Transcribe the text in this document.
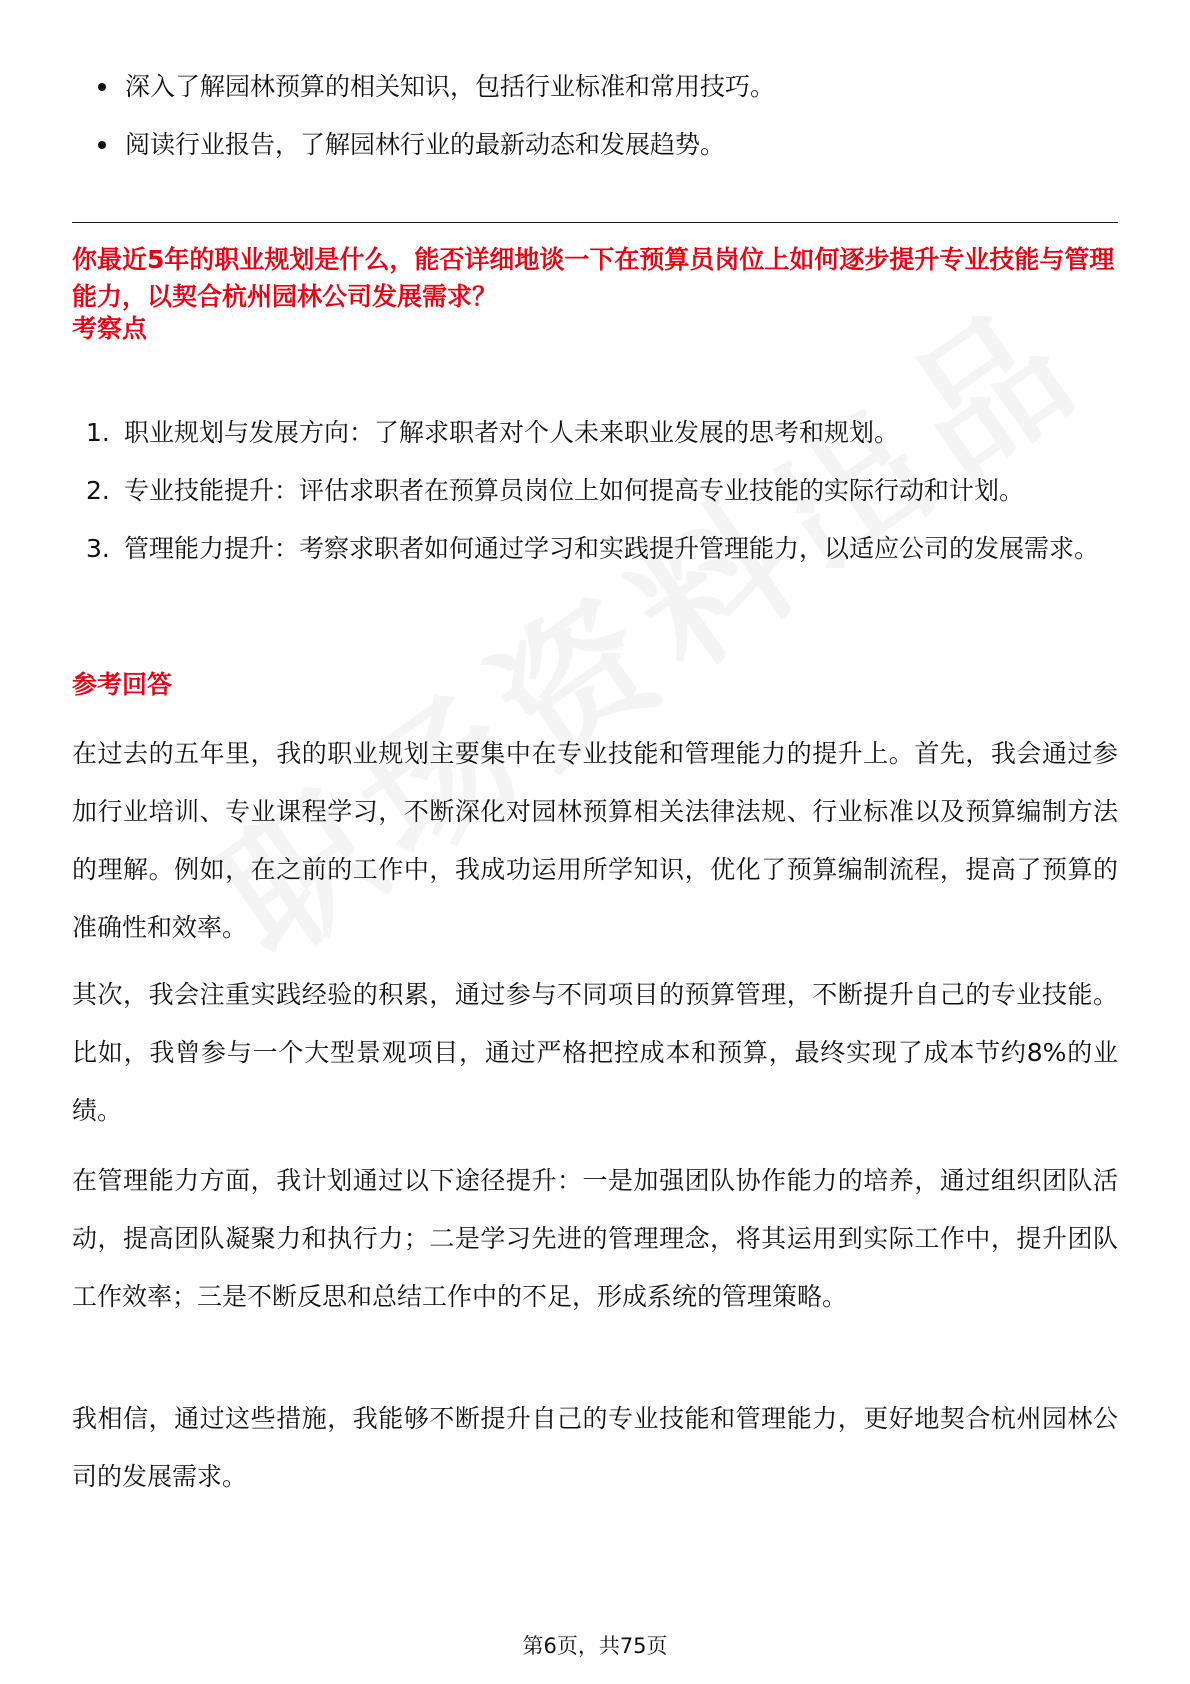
深入了解园林预算的相关知识，包括行业标准和常用技巧。
阅读行业报告，了解园林行业的最新动态和发展趋势。

你最近5年的职业规划是什么，能否详细地谈一下在预算员岗位上如何逐步提升专业技能与管理能力，以契合杭州园林公司发展需求？

考察点

1. 职业规划与发展方向：了解求职者对个人未来职业发展的思考和规划。
2. 专业技能提升：评估求职者在预算员岗位上如何提高专业技能的实际行动和计划。
3. 管理能力提升：考察求职者如何通过学习和实践提升管理能力，以适应公司的发展需求。

参考回答

在过去的五年里，我的职业规划主要集中在专业技能和管理能力的提升上。首先，我会通过参加行业培训、专业课程学习，不断深化对园林预算相关法律法规、行业标准以及预算编制方法的理解。例如，在之前的工作中，我成功运用所学知识，优化了预算编制流程，提高了预算的准确性和效率。

其次，我会注重实践经验的积累，通过参与不同项目的预算管理，不断提升自己的专业技能。比如，我曾参与一个大型景观项目，通过严格把控成本和预算，最终实现了成本节约8%的业绩。

在管理能力方面，我计划通过以下途径提升：一是加强团队协作能力的培养，通过组织团队活动，提高团队凝聚力和执行力；二是学习先进的管理理念，将其运用到实际工作中，提升团队工作效率；三是不断反思和总结工作中的不足，形成系统的管理策略。

我相信，通过这些措施，我能够不断提升自己的专业技能和管理能力，更好地契合杭州园林公司的发展需求。

第6页，共75页
